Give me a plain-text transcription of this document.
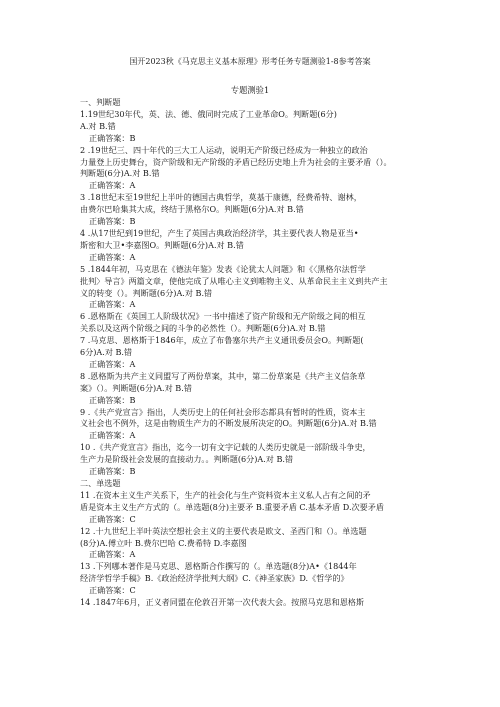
国开2023秋《马克思主义基本原理》形考任务专题测验1-8参考答案
专题测验1
一、判断题
1.19世纪30年代，英、法、德、俄同时完成了工业革命O。判断题(6分)
A.对 B.错
正确答案：B
2 .19世纪三、四十年代的三大工人运动，说明无产阶级已经成为一种独立的政治
力量登上历史舞台，资产阶级和无产阶级的矛盾已经历史地上升为社会的主要矛盾（）。
判断题(6分)A.对 B.错
正确答案：A
3 .18世纪末至19世纪上半叶的德国古典哲学，莫基于康德，经费希特、谢林，
由费尔巴哈集其大成，终结于黑格尔O。判断题(6分)A.对 B.错
正确答案：B
4 .从17世纪到19世纪，产生了英国古典政治经济学，其主要代表人物是亚当•
斯密和大卫•李嘉图O。判断题(6分)A.对 B.错
正确答案：A
5 .1844年初，马克思在《德法年鉴》发表《论犹太人问题》和《〈黑格尔法哲学
批判〉导言》两篇文章，使他完成了从唯心主义到唯物主义、从革命民主主义到共产主
义的转变（）。判断题(6分)A.对 B.错
正确答案：A
6 .恩格斯在《英国工人阶级状况》一书中描述了资产阶级和无产阶级之间的相互
关系以及这两个阶级之间的斗争的必然性（）。判断题(6分)A.对 B.错
7 .马克思、恩格斯于1846年，成立了布鲁塞尔共产主义通讯委员会O。判断题(
6分)A.对 B.错
正确答案：A
8 .恩格斯为共产主义同盟写了两份草案，其中，第二份草案是《共产主义信条草
案》（）。判断题(6分)A.对 B.错
正确答案：B
9 .《共产党宣言》指出，人类历史上的任何社会形态都具有暂时的性质，资本主
义社会也不例外，这是由物质生产力的不断发展所决定的O。判断题(6分)A.对 B.错
正确答案：A
10 .《共产党宣言》指出，迄今一切有文字记载的人类历史就是一部阶级斗争史，
生产力是阶级社会发展的直接动力。。判断题(6分)A.对 B.错
正确答案：B
二、单选题
11 .在资本主义生产关系下，生产的社会化与生产资料资本主义私人占有之间的矛
盾是资本主义生产方式的（。单选题(8分)主要矛 B.重要矛盾 C.基本矛盾 D.次要矛盾
正确答案：C
12 .十九世纪上半叶英法空想社会主义的主要代表是欧文、圣西门和（）。单选题
(8分)A.傅立叶 B.费尔巴哈 C.费希特 D.李嘉图
正确答案：A
13 .下列哪本著作是马克思、恩格斯合作撰写的（。单选题(8分)A•《1844年
经济学哲学手稿》B.《政治经济学批判大纲》C.《神圣家族》D.《哲学的》
正确答案：C
14 .1847年6月，正义者同盟在伦敦召开第一次代表大会。按照马克思和恩格斯
